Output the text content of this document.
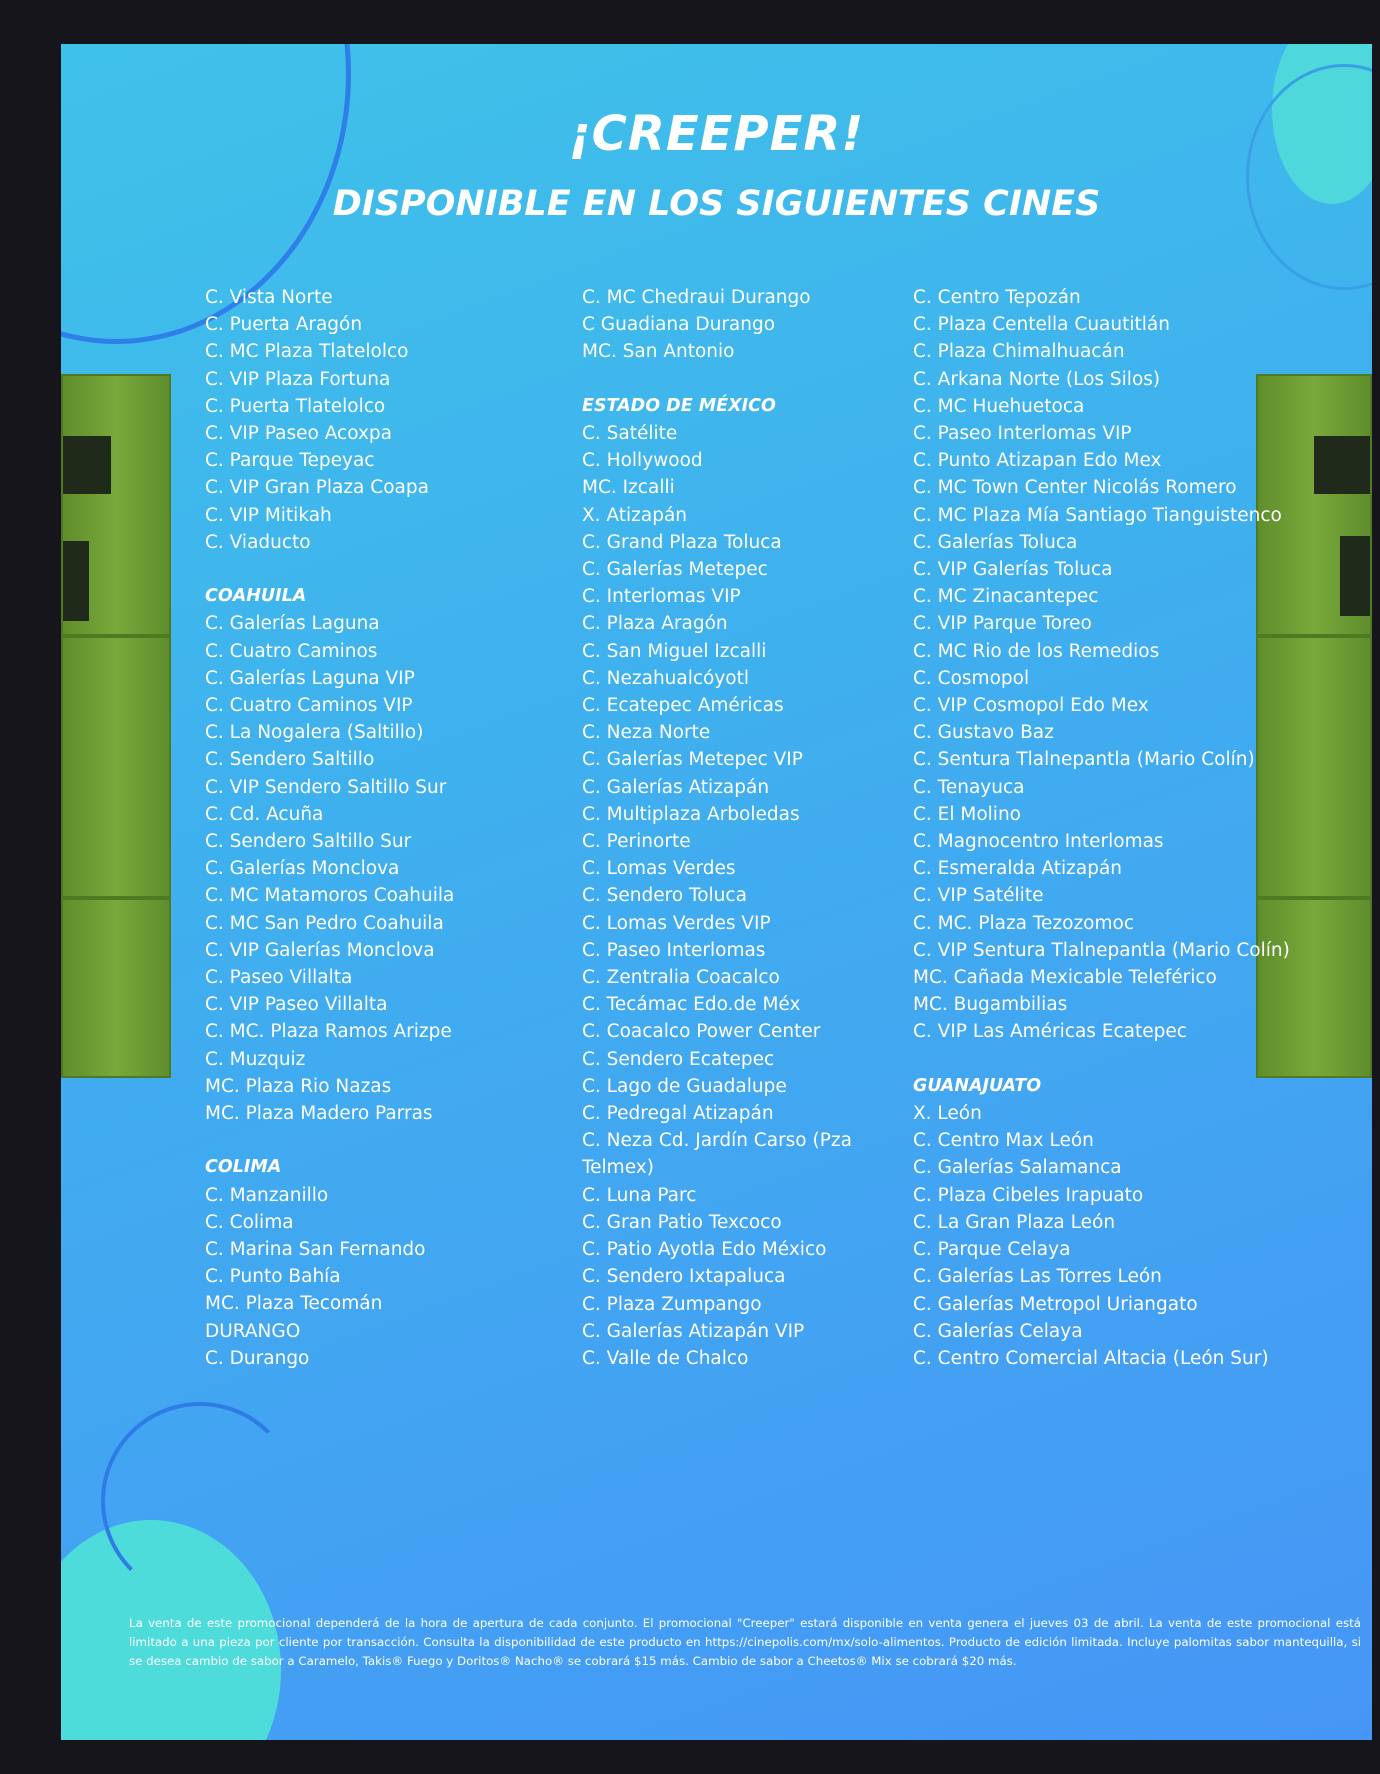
¡CREEPER!
DISPONIBLE EN LOS SIGUIENTES CINES
C. Vista Norte
C. Puerta Aragón
C. MC Plaza Tlatelolco
C. VIP Plaza Fortuna
C. Puerta Tlatelolco
C. VIP Paseo Acoxpa
C. Parque Tepeyac
C. VIP Gran Plaza Coapa
C. VIP Mitikah
C. Viaducto
COAHUILA
C. Galerías Laguna
C. Cuatro Caminos
C. Galerías Laguna VIP
C. Cuatro Caminos VIP
C. La Nogalera (Saltillo)
C. Sendero Saltillo
C. VIP Sendero Saltillo Sur
C. Cd. Acuña
C. Sendero Saltillo Sur
C. Galerías Monclova
C. MC Matamoros Coahuila
C. MC San Pedro Coahuila
C. VIP Galerías Monclova
C. Paseo Villalta
C. VIP Paseo Villalta
C. MC. Plaza Ramos Arizpe
C. Muzquiz
MC. Plaza Rio Nazas
MC. Plaza Madero Parras
COLIMA
C. Manzanillo
C. Colima
C. Marina San Fernando
C. Punto Bahía
MC. Plaza Tecomán
DURANGO
C. Durango
C. MC Chedraui Durango
C Guadiana Durango
MC. San Antonio
ESTADO DE MÉXICO
C. Satélite
C. Hollywood
MC. Izcalli
X. Atizapán
C. Grand Plaza Toluca
C. Galerías Metepec
C. Interlomas VIP
C. Plaza Aragón
C. San Miguel Izcalli
C. Nezahualcóyotl
C. Ecatepec Américas
C. Neza Norte
C. Galerías Metepec VIP
C. Galerías Atizapán
C. Multiplaza Arboledas
C. Perinorte
C. Lomas Verdes
C. Sendero Toluca
C. Lomas Verdes VIP
C. Paseo Interlomas
C. Zentralia Coacalco
C. Tecámac Edo.de Méx
C. Coacalco Power Center
C. Sendero Ecatepec
C. Lago de Guadalupe
C. Pedregal Atizapán
C. Neza Cd. Jardín Carso (Pza Telmex)
C. Luna Parc
C. Gran Patio Texcoco
C. Patio Ayotla Edo México
C. Sendero Ixtapaluca
C. Plaza Zumpango
C. Galerías Atizapán VIP
C. Valle de Chalco
C. Centro Tepozán
C. Plaza Centella Cuautitlán
C. Plaza Chimalhuacán
C. Arkana Norte (Los Silos)
C. MC Huehuetoca
C. Paseo Interlomas VIP
C. Punto Atizapan Edo Mex
C. MC Town Center Nicolás Romero
C. MC Plaza Mía Santiago Tianguistenco
C. Galerías Toluca
C. VIP Galerías Toluca
C. MC Zinacantepec
C. VIP Parque Toreo
C. MC Rio de los Remedios
C. Cosmopol
C. VIP Cosmopol Edo Mex
C. Gustavo Baz
C. Sentura Tlalnepantla (Mario Colín)
C. Tenayuca
C. El Molino
C. Magnocentro Interlomas
C. Esmeralda Atizapán
C. VIP Satélite
C. MC. Plaza Tezozomoc
C. VIP Sentura Tlalnepantla (Mario Colín)
MC. Cañada Mexicable Teleférico
MC. Bugambilias
C. VIP Las Américas Ecatepec
GUANAJUATO
X. León
C. Centro Max León
C. Galerías Salamanca
C. Plaza Cibeles Irapuato
C. La Gran Plaza León
C. Parque Celaya
C. Galerías Las Torres León
C. Galerías Metropol Uriangato
C. Galerías Celaya
C. Centro Comercial Altacia (León Sur)
La venta de este promocional dependerá de la hora de apertura de cada conjunto. El promocional "Creeper" estará disponible en venta genera el jueves 03 de abril. La venta de este promocional está limitado a una pieza por cliente por transacción. Consulta la disponibilidad de este producto en https://cinepolis.com/mx/solo-alimentos. Producto de edición limitada. Incluye palomitas sabor mantequilla, si se desea cambio de sabor a Caramelo, Takis® Fuego y Doritos® Nacho® se cobrará $15 más. Cambio de sabor a Cheetos® Mix se cobrará $20 más.
